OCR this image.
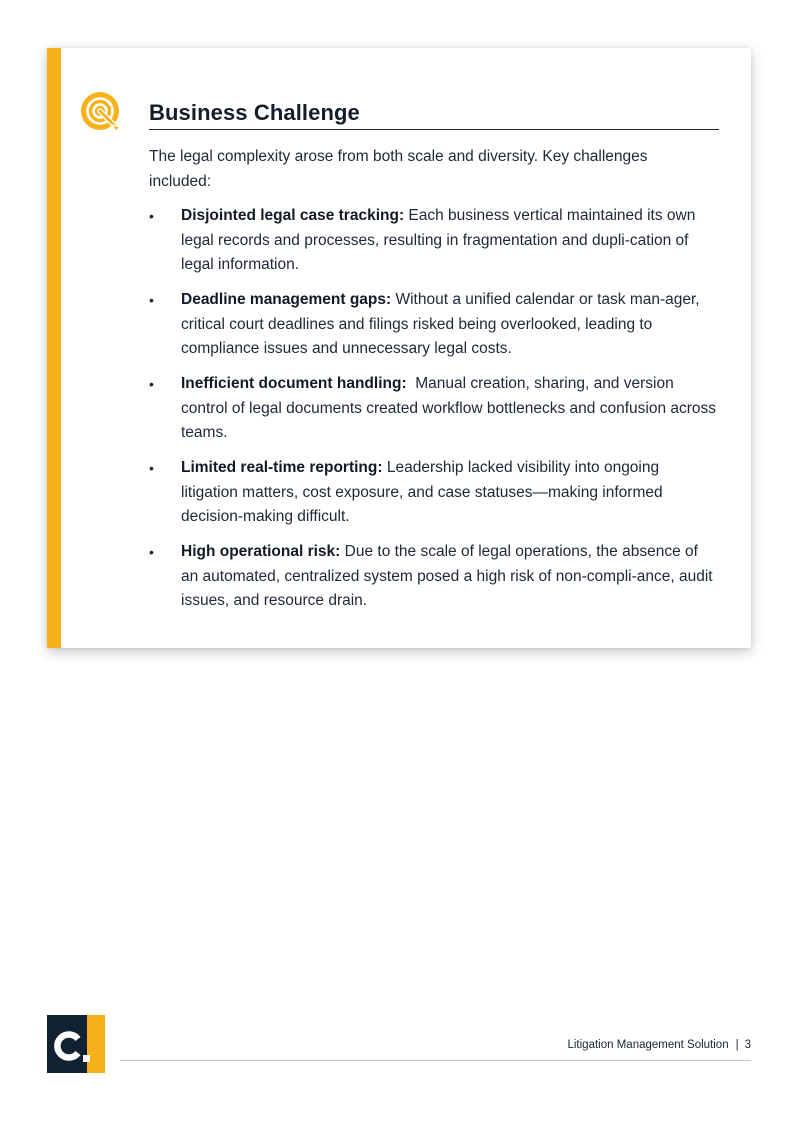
Business Challenge

The legal complexity arose from both scale and diversity. Key challenges included:

• Disjointed legal case tracking: Each business vertical maintained its own legal records and processes, resulting in fragmentation and dupli-cation of legal information.
• Deadline management gaps: Without a unified calendar or task man-ager, critical court deadlines and filings risked being overlooked, leading to compliance issues and unnecessary legal costs.
• Inefficient document handling:  Manual creation, sharing, and version control of legal documents created workflow bottlenecks and confusion across teams.
• Limited real-time reporting: Leadership lacked visibility into ongoing litigation matters, cost exposure, and case statuses—making informed decision-making difficult.
• High operational risk: Due to the scale of legal operations, the absence of an automated, centralized system posed a high risk of non-compli-ance, audit issues, and resource drain.
Litigation Management Solution | 3
